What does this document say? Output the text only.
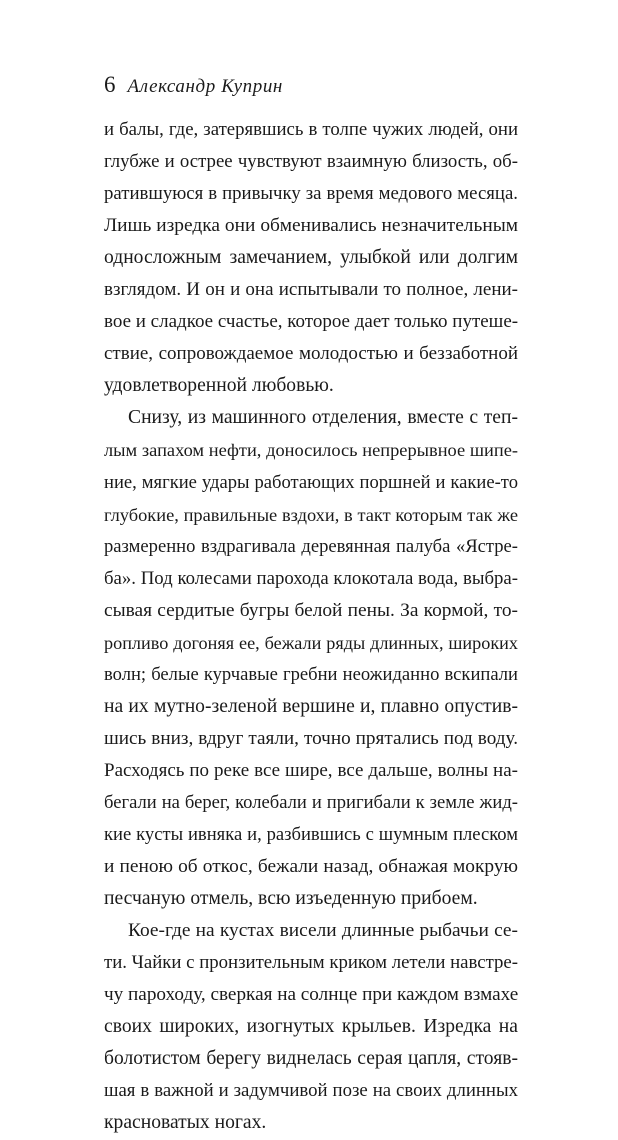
6 Александр Куприн
и балы, где, затерявшись в толпе чужих людей, они
глубже и острее чувствуют взаимную близость, об-
ратившуюся в привычку за время медового месяца.
Лишь изредка они обменивались незначительным
односложным замечанием, улыбкой или долгим
взглядом. И он и она испытывали то полное, лени-
вое и сладкое счастье, которое дает только путеше-
ствие, сопровождаемое молодостью и беззаботной
удовлетворенной любовью.
Снизу, из машинного отделения, вместе с теп-
лым запахом нефти, доносилось непрерывное шипе-
ние, мягкие удары работающих поршней и какие-то
глубокие, правильные вздохи, в такт которым так же
размеренно вздрагивала деревянная палуба «Ястре-
ба». Под колесами парохода клокотала вода, выбра-
сывая сердитые бугры белой пены. За кормой, то-
ропливо догоняя ее, бежали ряды длинных, широких
волн; белые курчавые гребни неожиданно вскипали
на их мутно-зеленой вершине и, плавно опустив-
шись вниз, вдруг таяли, точно прятались под воду.
Расходясь по реке все шире, все дальше, волны на-
бегали на берег, колебали и пригибали к земле жид-
кие кусты ивняка и, разбившись с шумным плеском
и пеною об откос, бежали назад, обнажая мокрую
песчаную отмель, всю изъеденную прибоем.
Кое-где на кустах висели длинные рыбачьи се-
ти. Чайки с пронзительным криком летели навстре-
чу пароходу, сверкая на солнце при каждом взмахе
своих широких, изогнутых крыльев. Изредка на
болотистом берегу виднелась серая цапля, стояв-
шая в важной и задумчивой позе на своих длинных
красноватых ногах.
